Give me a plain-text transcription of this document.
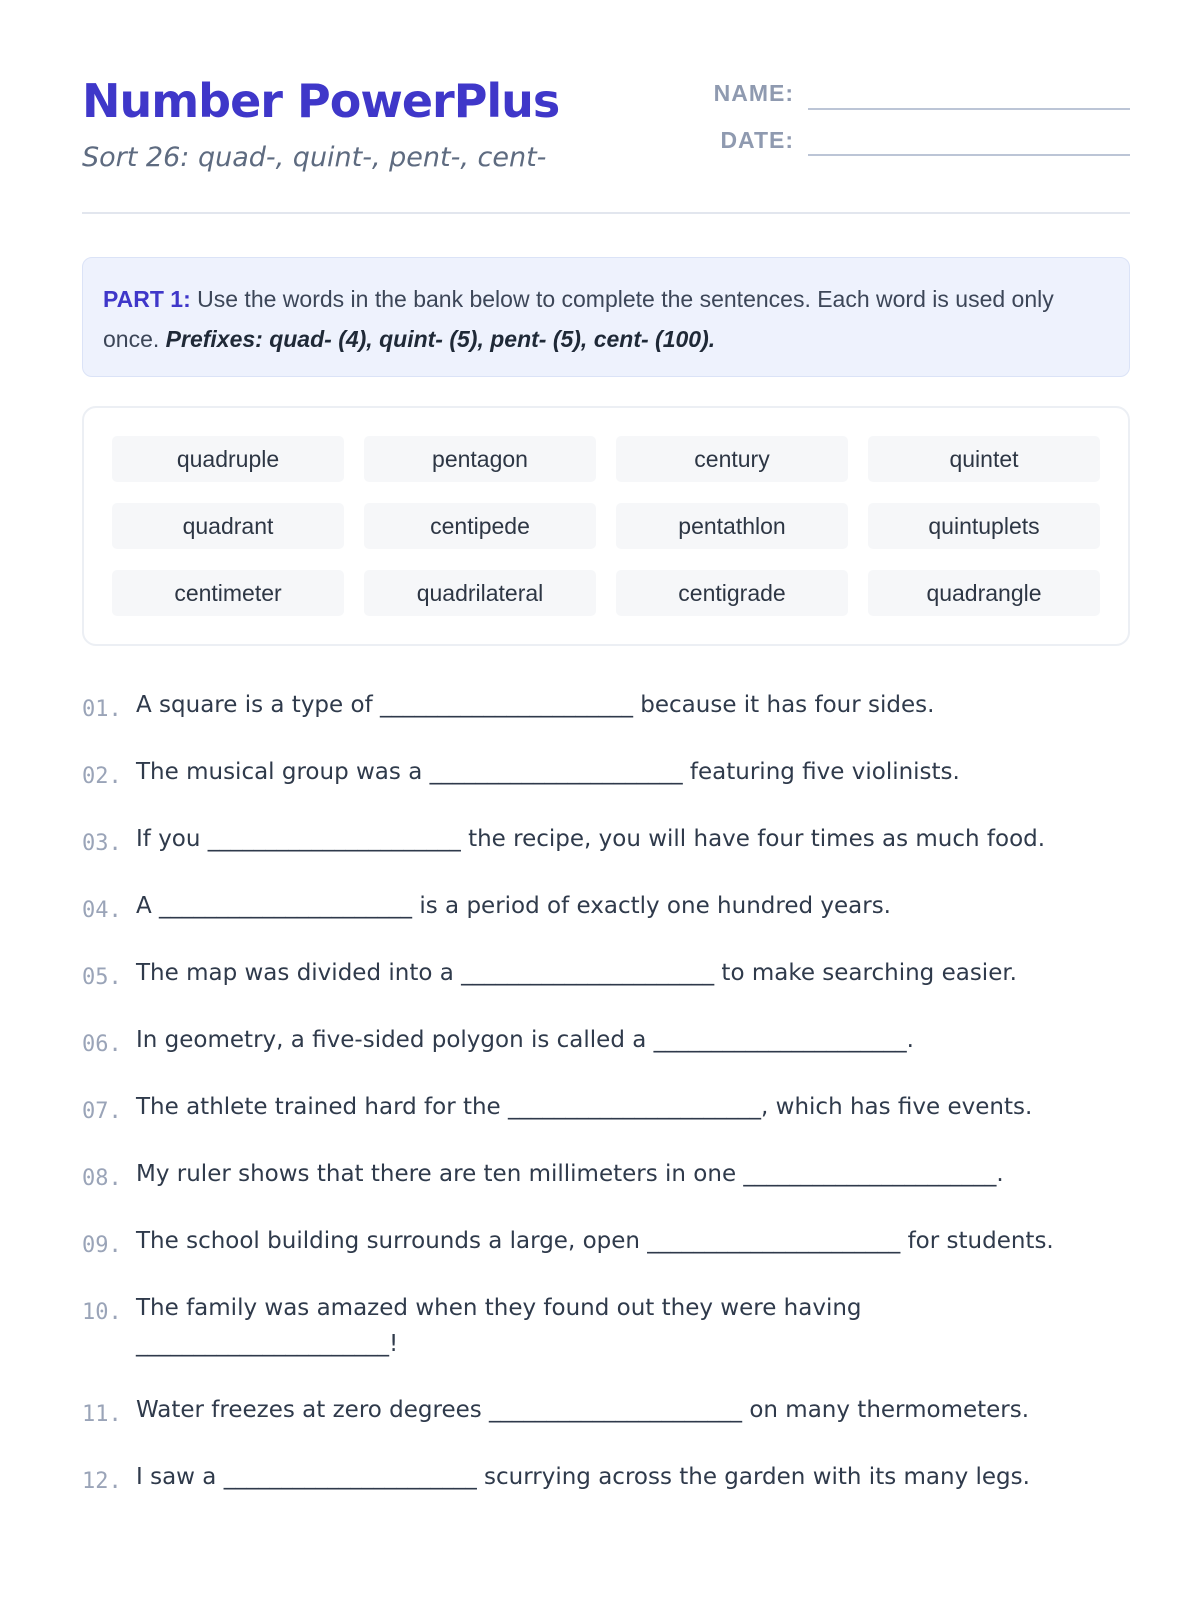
Number PowerPlus
Sort 26: quad-, quint-, pent-, cent-
NAME:
DATE:
PART 1: Use the words in the bank below to complete the sentences. Each word is used only once. Prefixes: quad- (4), quint- (5), pent- (5), cent- (100).
quadruple	pentagon	century	quintet
quadrant	centipede	pentathlon	quintuplets
centimeter	quadrilateral	centigrade	quadrangle
01. A square is a type of ______________________ because it has four sides.
02. The musical group was a ______________________ featuring five violinists.
03. If you ______________________ the recipe, you will have four times as much food.
04. A ______________________ is a period of exactly one hundred years.
05. The map was divided into a ______________________ to make searching easier.
06. In geometry, a five-sided polygon is called a ______________________.
07. The athlete trained hard for the ______________________, which has five events.
08. My ruler shows that there are ten millimeters in one ______________________.
09. The school building surrounds a large, open ______________________ for students.
10. The family was amazed when they found out they were having
______________________!
11. Water freezes at zero degrees ______________________ on many thermometers.
12. I saw a ______________________ scurrying across the garden with its many legs.
